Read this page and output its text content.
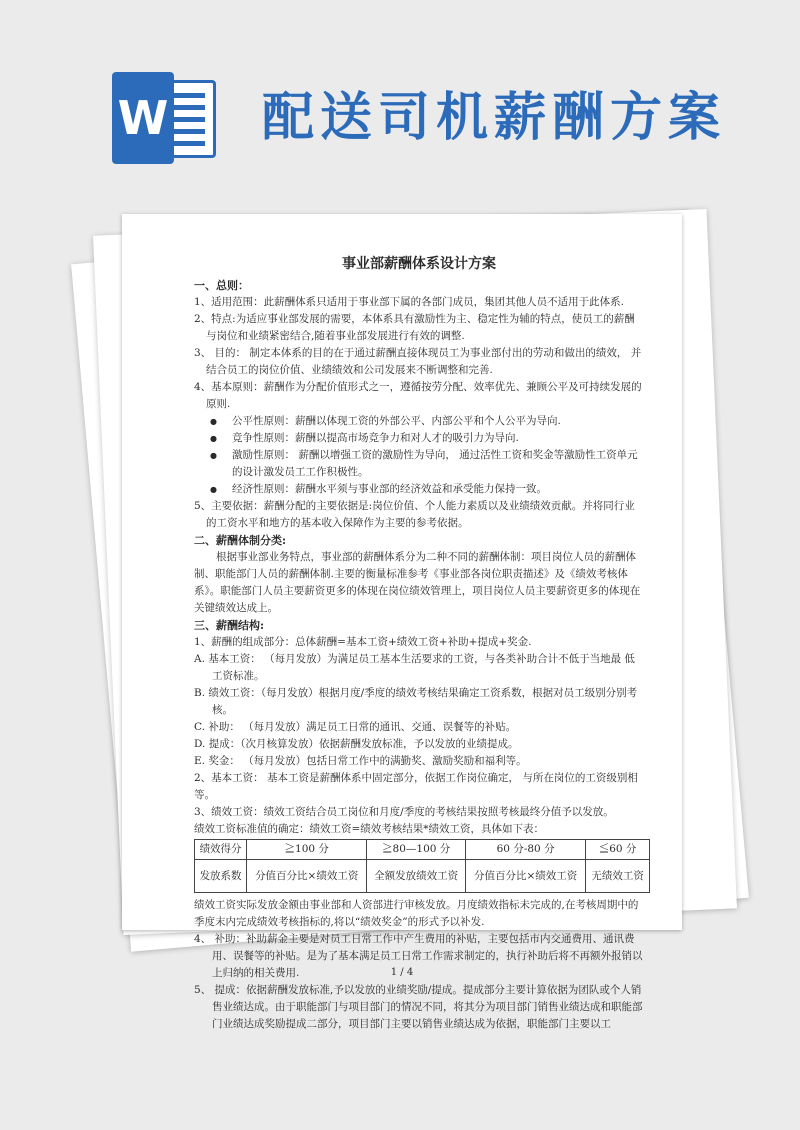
W 配送司机薪酬方案
事业部薪酬体系设计方案

一、总则：

1、适用范围：此薪酬体系只适用于事业部下属的各部门成员，集团其他人员不适用于此体系.

2、特点:为适应事业部发展的需要，本体系具有激励性为主、稳定性为辅的特点，使员工的薪酬与岗位和业绩紧密结合,随着事业部发展进行有效的调整.

3、 目的： 制定本体系的目的在于通过薪酬直接体现员工为事业部付出的劳动和做出的绩效， 并结合员工的岗位价值、业绩绩效和公司发展来不断调整和完善.

4、基本原则：薪酬作为分配价值形式之一，遵循按劳分配、效率优先、兼顾公平及可持续发展的原则.

● 公平性原则：薪酬以体现工资的外部公平、内部公平和个人公平为导向.
● 竞争性原则：薪酬以提高市场竞争力和对人才的吸引力为导向.
● 激励性原则： 薪酬以增强工资的激励性为导向， 通过活性工资和奖金等激励性工资单元的设计激发员工工作积极性。
● 经济性原则：薪酬水平须与事业部的经济效益和承受能力保持一致。

5、主要依据：薪酬分配的主要依据是:岗位价值、个人能力素质以及业绩绩效贡献。并将同行业的工资水平和地方的基本收入保障作为主要的参考依据。

二、薪酬体制分类:

根据事业部业务特点，事业部的薪酬体系分为二种不同的薪酬体制：项目岗位人员的薪酬体制、职能部门人员的薪酬体制.主要的衡量标准参考《事业部各岗位职责描述》及《绩效考核体系》。职能部门人员主要薪资更多的体现在岗位绩效管理上，项目岗位人员主要薪资更多的体现在关键绩效达成上。

三、薪酬结构:

1、薪酬的组成部分：总体薪酬=基本工资+绩效工资+补助+提成+奖金.

A. 基本工资： （每月发放）为满足员工基本生活要求的工资，与各类补助合计不低于当地最 低工资标准。

B. 绩效工资：（每月发放）根据月度/季度的绩效考核结果确定工资系数，根据对员工级别分别考核。

C. 补助： （每月发放）满足员工日常的通讯、交通、误餐等的补贴。

D. 提成：（次月核算发放）依据薪酬发放标准，予以发放的业绩提成。

E. 奖金： （每月发放）包括日常工作中的满勤奖、激励奖励和福利等。

2、基本工资： 基本工资是薪酬体系中固定部分，依据工作岗位确定， 与所在岗位的工资级别相等。

3、绩效工资：绩效工资结合员工岗位和月度/季度的考核结果按照考核最终分值予以发放。

绩效工资标准值的确定：绩效工资=绩效考核结果*绩效工资，具体如下表：

绩效得分	≧100 分	≧80—100 分	60 分-80 分	≦60 分
发放系数	分值百分比×绩效工资	全额发放绩效工资	分值百分比×绩效工资	无绩效工资

绩效工资实际发放金额由事业部和人资部进行审核发放。月度绩效指标未完成的,在考核周期中的季度末内完成绩效考核指标的,将以“绩效奖金”的形式予以补发.

4、 补助：补助薪金主要是对员工日常工作中产生费用的补贴，主要包括市内交通费用、通讯费用、误餐等的补贴。是为了基本满足员工日常工作需求制定的，执行补助后将不再额外报销以上归纳的相关费用.

5、 提成：依据薪酬发放标准,予以发放的业绩奖励/提成。提成部分主要计算依据为团队或个人销售业绩达成。由于职能部门与项目部门的情况不同，将其分为项目部门销售业绩达成和职能部门业绩达成奖励提成二部分，项目部门主要以销售业绩达成为依据，职能部门主要以工

1 / 4
